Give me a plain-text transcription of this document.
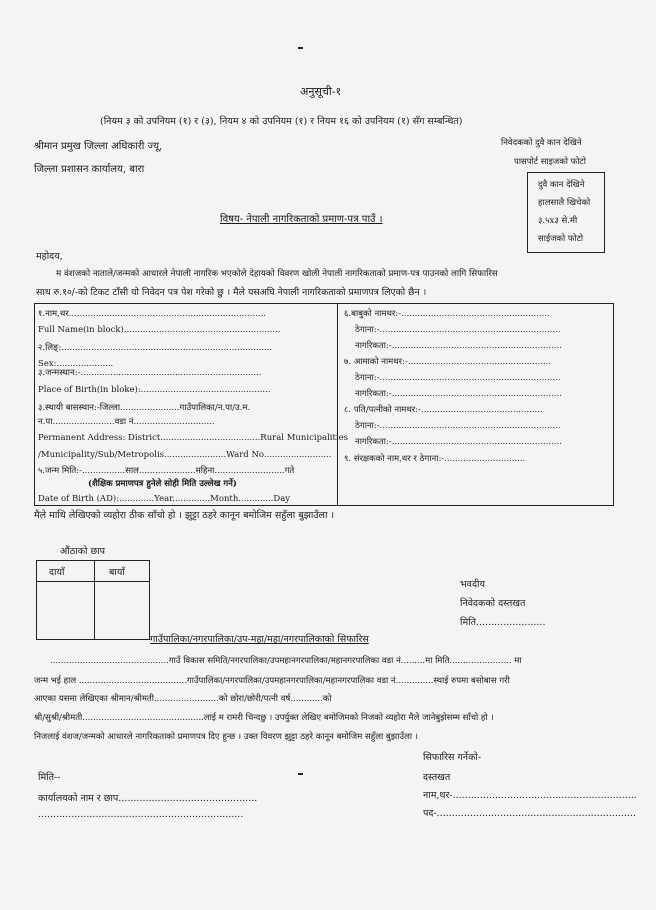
अनुसूची-१
(नियम ३ को उपनियम (१) र (३), नियम ४ को उपनियम (१) र नियम १६ को उपनियम (१) सँग सम्बन्धित)
श्रीमान प्रमुख जिल्ला अधिकारी ज्यू,
जिल्ला प्रशासन कार्यालय, बारा
निवेदकको दुवै कान देखिने
पासपोर्ट साइजको फोटो
दुवै कान देखिने
हालसालै खिचेको
३.५x३ से.मी
साईजको फोटो
विषय- नेपाली नागरिकताको प्रमाण-पत्र पाउँ ।
महोदय,
म वंशजको नाताले/जन्मको आधारले नेपाली नागरिक भएकोले देहायको विवरण खोली नेपाली नागरिकताको प्रमाण-पत्र पाउनको लागि सिफारिस
साथ रु.१०/-को टिकट टाँसी यो निवेदन पत्र पेश गरेको छु । मैले यसअघि नेपाली नागरिकताको प्रमाणपत्र लिएको छैन ।
१.नाम,थर.........................................................................
Full Name(in block)..........................................................
२.लिङ्:..............................................................................
Sex:.....................
३.जन्मस्थान:-...................................................................
Place of Birth(in bloke):................................................
३.स्थायी बासस्थान:-जिल्ला......................गाउँपालिका/न.पा/उ.म.
न.पा.......................वडा नं..............................
Permanent Address: District.....................................Rural Municipalities
/Municipality/Sub/Metropolis.......................Ward No.........................
५.जन्म मिति:-................साल.....................महिना..........................गते
(शैक्षिक प्रमाणपत्र हुनेले सोही मिति उल्लेख गर्ने)
Date of Birth (AD):.............Year..............Month.............Day
६.बाबुको नामथर:-.......................................................
ठेगाना:-...................................................................
नागरिकता:-...............................................................
७. आमाको नामथर:-.....................................................
ठेगाना:-...................................................................
नागरिकता:-...............................................................
८. पति/पत्नीको नामथर:-.............................................
ठेगाना:-...................................................................
नागरिकता:-...............................................................
९. संरक्षकको नाम,थर र ठेगाना:-..............................
मैले माथि लेखिएको व्यहोरा ठीक साँचो हो । झुट्टा ठहरे कानून बमोजिम सहुँला बुझाउँला ।
औंठाको छाप
दायाँ	बायाँ
भवदीय
निवेदकको दस्तखत
मिति.......................
गाउँपालिका/नगरपालिका/उप-महा/महा/नगरपालिकाको सिफारिस
............................................गाउँ विकास समिति/नगरपालिका/उपमहानगरपालिका/महानगरपालिका वडा नं.........मा मिति....................... मा
जन्म भई हाल ........................................गाउँपालिका/नगरपालिका/उपमहानगरपालिका/महानगरपालिका वडा नं..............स्थाई रुपमा बसोबास गरी
आएका यसमा लेखिएका श्रीमान/श्रीमती........................को छोरा/छोरी/पत्नी वर्ष............को
श्री/सुश्री/श्रीमती.............................................लाई म रामरी चिन्दछु । उपर्युक्त लेखिए बमोजिमको निजको व्यहोरा मैले जानेबुझेसम्म साँचो हो ।
निजलाई वंशज/जन्मको आधारले नागरिकताको प्रमाणपत्र दिए हुन्छ । उक्त विवरण झुट्टा ठहरे कानून बमोजिम सहुँला बुझाउँला ।
सिफारिस गर्नेको-
मिति--	दस्तखत
कार्यालयको नाम र छाप..............................................	नाम,थर-.............................................................
....................................................................	पद-..................................................................
